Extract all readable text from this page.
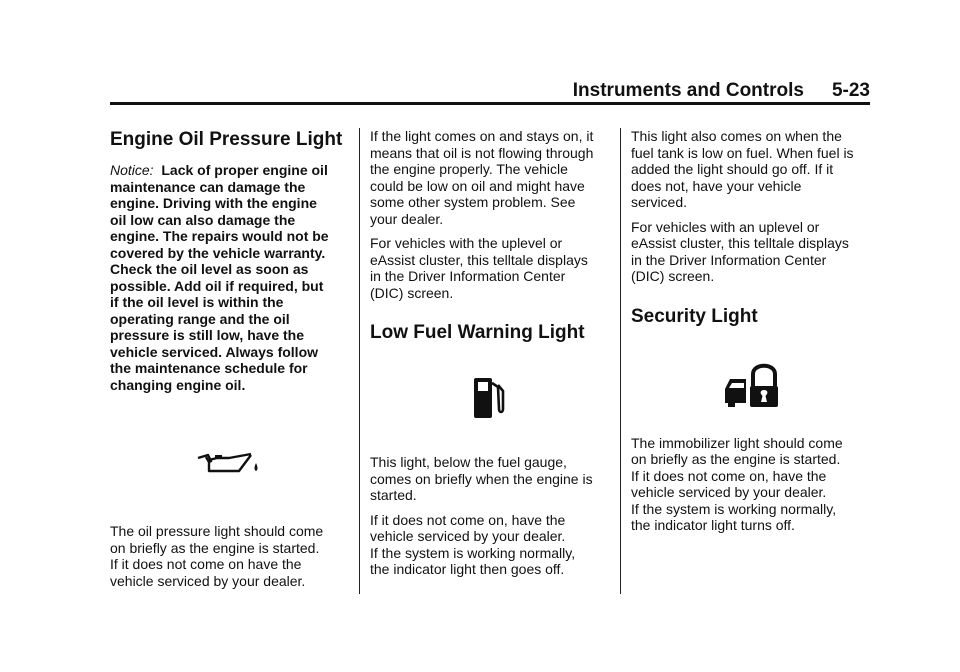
Instruments and Controls 5-23
Engine Oil Pressure Light

Notice: Lack of proper engine oil
maintenance can damage the
engine. Driving with the engine
oil low can also damage the
engine. The repairs would not be
covered by the vehicle warranty.
Check the oil level as soon as
possible. Add oil if required, but
if the oil level is within the
operating range and the oil
pressure is still low, have the
vehicle serviced. Always follow
the maintenance schedule for
changing engine oil.

The oil pressure light should come
on briefly as the engine is started.
If it does not come on have the
vehicle serviced by your dealer.

If the light comes on and stays on, it
means that oil is not flowing through
the engine properly. The vehicle
could be low on oil and might have
some other system problem. See
your dealer.

For vehicles with the uplevel or
eAssist cluster, this telltale displays
in the Driver Information Center
(DIC) screen.

Low Fuel Warning Light

This light, below the fuel gauge,
comes on briefly when the engine is
started.

If it does not come on, have the
vehicle serviced by your dealer.
If the system is working normally,
the indicator light then goes off.

This light also comes on when the
fuel tank is low on fuel. When fuel is
added the light should go off. If it
does not, have your vehicle
serviced.

For vehicles with an uplevel or
eAssist cluster, this telltale displays
in the Driver Information Center
(DIC) screen.

Security Light

The immobilizer light should come
on briefly as the engine is started.
If it does not come on, have the
vehicle serviced by your dealer.
If the system is working normally,
the indicator light turns off.
